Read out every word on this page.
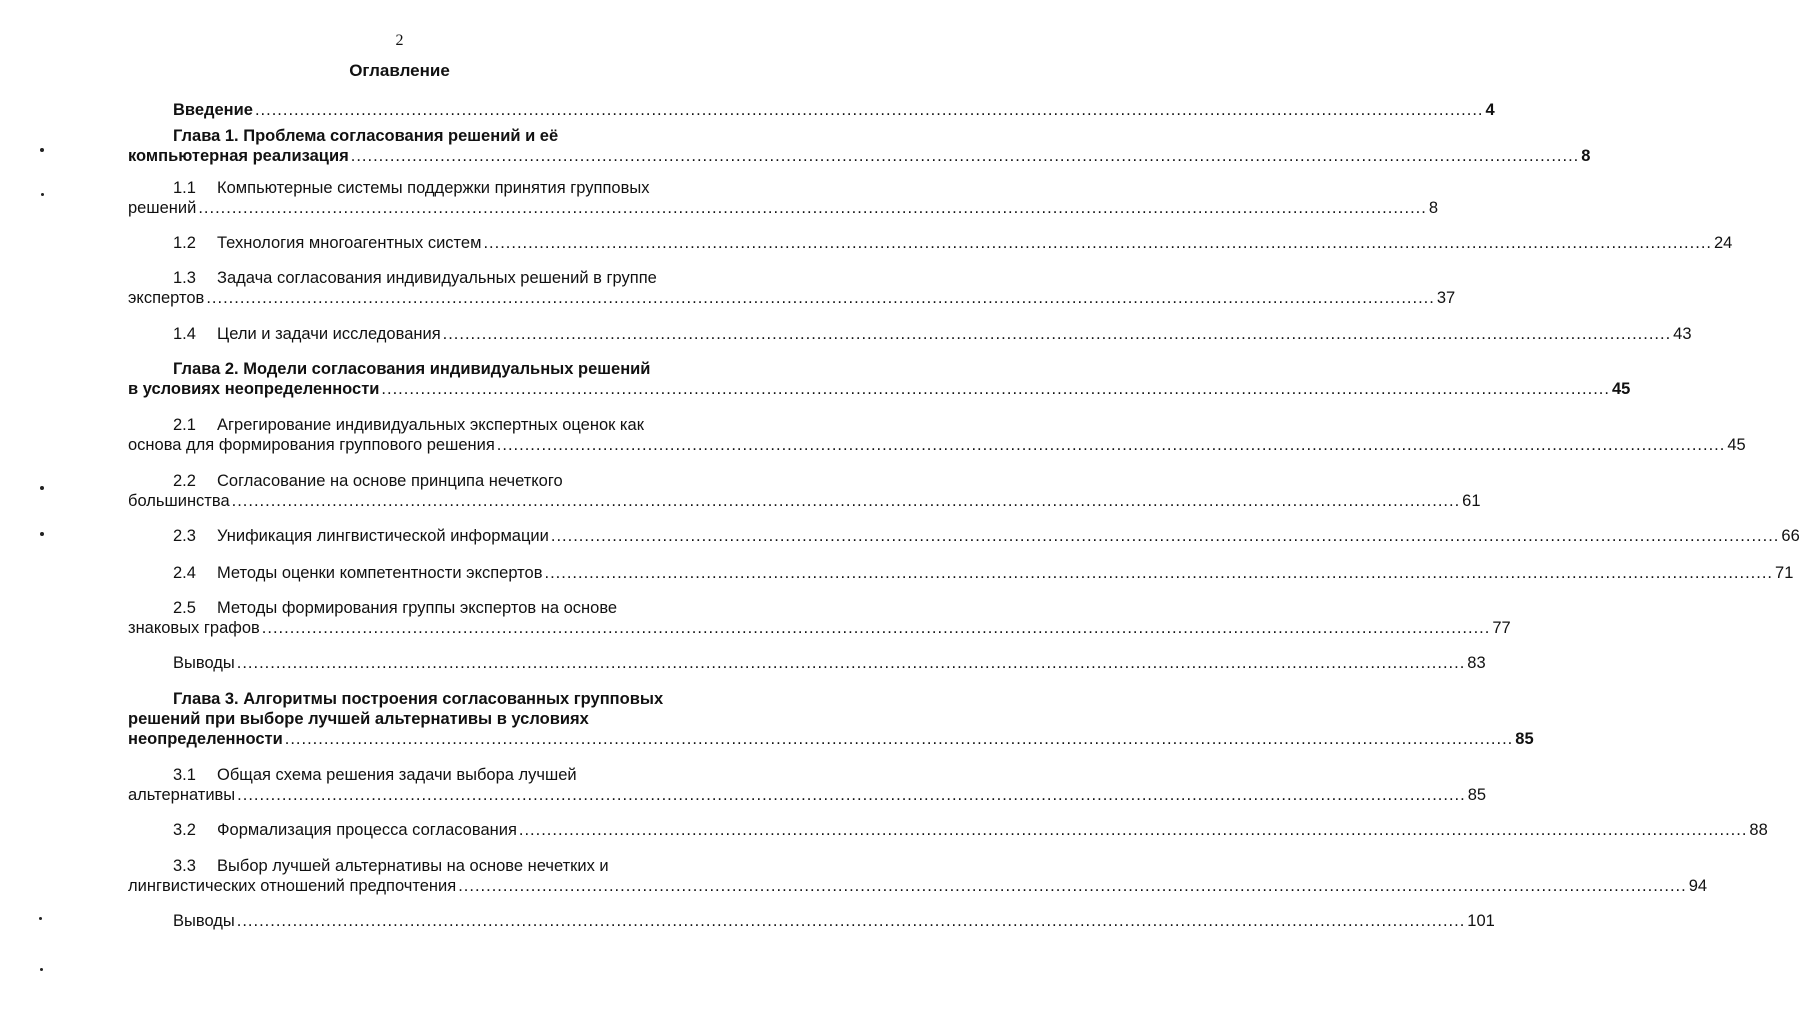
2
Оглавление
Введение ............................................................................................................................................................................................................................ 4
Глава 1. Проблема согласования решений и её
компьютерная реализация ............................................................................................................................................................................................................................ 8
1.1 Компьютерные системы поддержки принятия групповых
решений ............................................................................................................................................................................................................................ 8
1.2 Технология многоагентных систем ............................................................................................................................................................................................................................ 24
1.3 Задача согласования индивидуальных решений в группе
экспертов ............................................................................................................................................................................................................................ 37
1.4 Цели и задачи исследования ............................................................................................................................................................................................................................ 43
Глава 2. Модели согласования индивидуальных решений
в условиях неопределенности ............................................................................................................................................................................................................................ 45
2.1 Агрегирование индивидуальных экспертных оценок как
основа для формирования группового решения ............................................................................................................................................................................................................................ 45
2.2 Согласование на основе принципа нечеткого
большинства ............................................................................................................................................................................................................................ 61
2.3 Унификация лингвистической информации ............................................................................................................................................................................................................................ 66
2.4 Методы оценки компетентности экспертов ............................................................................................................................................................................................................................ 71
2.5 Методы формирования группы экспертов на основе
знаковых графов ............................................................................................................................................................................................................................ 77
Выводы ............................................................................................................................................................................................................................ 83
Глава 3. Алгоритмы построения согласованных групповых
решений при выборе лучшей альтернативы в условиях
неопределенности ............................................................................................................................................................................................................................ 85
3.1 Общая схема решения задачи выбора лучшей
альтернативы ............................................................................................................................................................................................................................ 85
3.2 Формализация процесса согласования ............................................................................................................................................................................................................................ 88
3.3 Выбор лучшей альтернативы на основе нечетких и
лингвистических отношений предпочтения ............................................................................................................................................................................................................................ 94
Выводы ............................................................................................................................................................................................................................ 101
